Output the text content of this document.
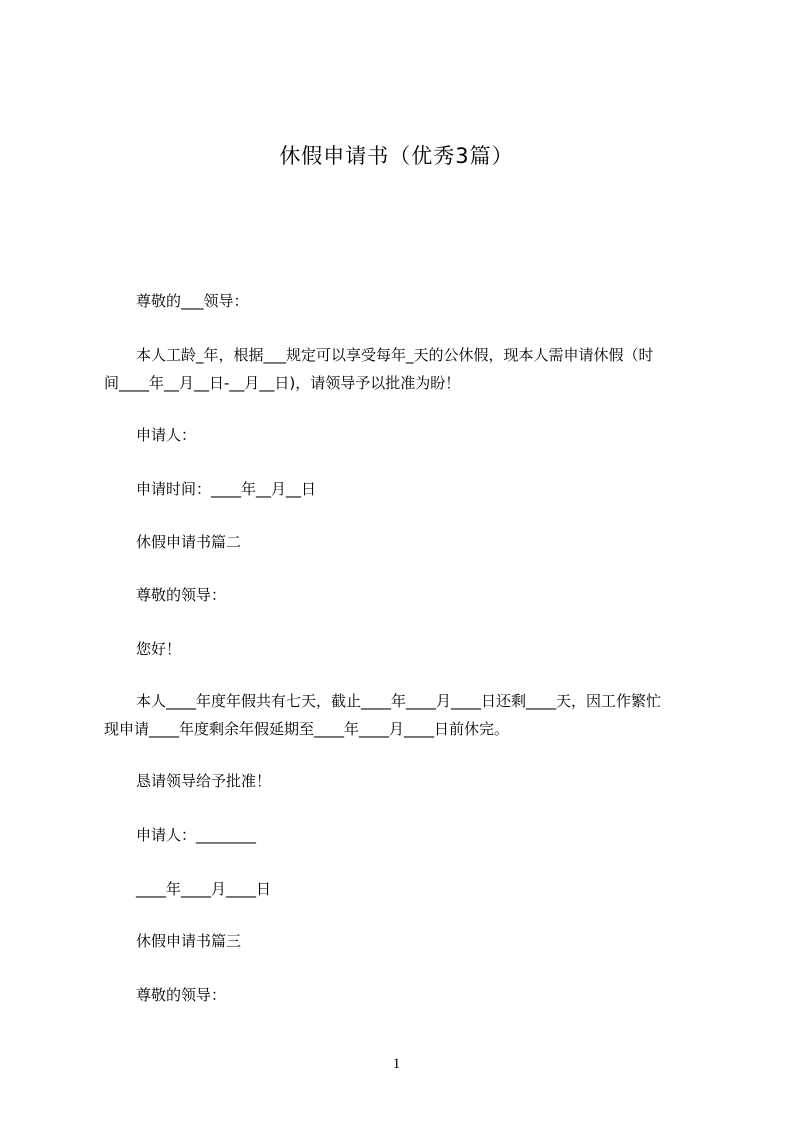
休假申请书（优秀3篇）
尊敬的___领导：
本人工龄_年，根据___规定可以享受每年_天的公休假，现本人需申请休假（时
间____年__月__日-__月__日)，请领导予以批准为盼！
申请人：
申请时间：____年__月__日
休假申请书篇二
尊敬的领导：
您好！
本人____年度年假共有七天，截止____年____月____日还剩____天，因工作繁忙
现申请____年度剩余年假延期至____年____月____日前休完。
恳请领导给予批准！
申请人：________
____年____月____日
休假申请书篇三
尊敬的领导：
1
